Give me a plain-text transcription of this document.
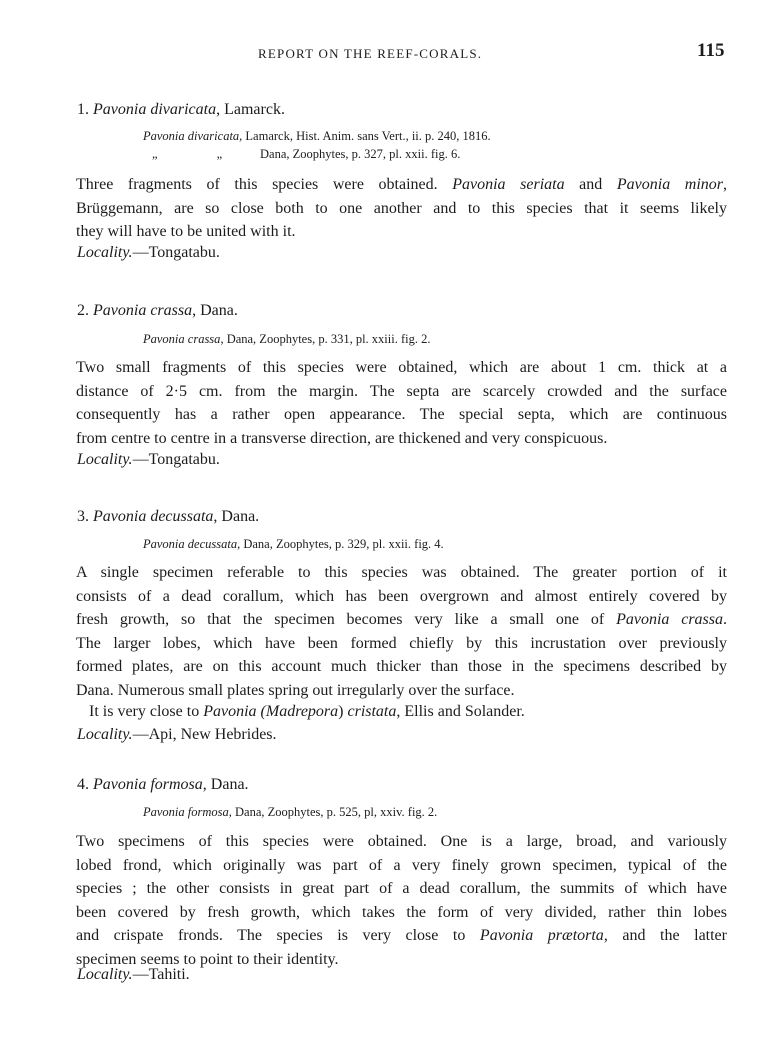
REPORT ON THE REEF-CORALS.	115
1. Pavonia divaricata, Lamarck.
Pavonia divaricata, Lamarck, Hist. Anim. sans Vert., ii. p. 240, 1816.
„ „ Dana, Zoophytes, p. 327, pl. xxii. fig. 6.
Three fragments of this species were obtained. Pavonia seriata and Pavonia minor,
Brüggemann, are so close both to one another and to this species that it seems likely
they will have to be united with it.
Locality.—Tongatabu.
2. Pavonia crassa, Dana.
Pavonia crassa, Dana, Zoophytes, p. 331, pl. xxiii. fig. 2.
Two small fragments of this species were obtained, which are about 1 cm. thick at a
distance of 2·5 cm. from the margin. The septa are scarcely crowded and the surface
consequently has a rather open appearance. The special septa, which are continuous
from centre to centre in a transverse direction, are thickened and very conspicuous.
Locality.—Tongatabu.
3. Pavonia decussata, Dana.
Pavonia decussata, Dana, Zoophytes, p. 329, pl. xxii. fig. 4.
A single specimen referable to this species was obtained. The greater portion of it
consists of a dead corallum, which has been overgrown and almost entirely covered by
fresh growth, so that the specimen becomes very like a small one of Pavonia crassa.
The larger lobes, which have been formed chiefly by this incrustation over previously
formed plates, are on this account much thicker than those in the specimens described by
Dana. Numerous small plates spring out irregularly over the surface.
It is very close to Pavonia (Madrepora) cristata, Ellis and Solander.
Locality.—Api, New Hebrides.
4. Pavonia formosa, Dana.
Pavonia formosa, Dana, Zoophytes, p. 525, pl, xxiv. fig. 2.
Two specimens of this species were obtained. One is a large, broad, and variously
lobed frond, which originally was part of a very finely grown specimen, typical of the
species ; the other consists in great part of a dead corallum, the summits of which have
been covered by fresh growth, which takes the form of very divided, rather thin lobes
and crispate fronds. The species is very close to Pavonia prætorta, and the latter
specimen seems to point to their identity.
Locality.—Tahiti.
